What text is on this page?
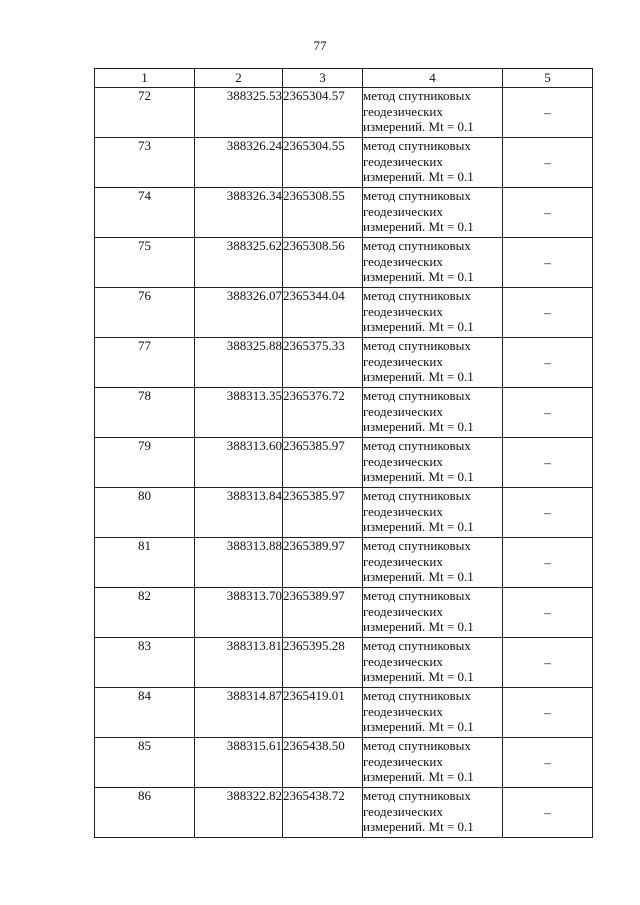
77
1	2	3	4	5
72	388325.53	2365304.57	метод спутниковых
геодезических
измерений. Mt = 0.1	–
73	388326.24	2365304.55	метод спутниковых
геодезических
измерений. Mt = 0.1	–
74	388326.34	2365308.55	метод спутниковых
геодезических
измерений. Mt = 0.1	–
75	388325.62	2365308.56	метод спутниковых
геодезических
измерений. Mt = 0.1	–
76	388326.07	2365344.04	метод спутниковых
геодезических
измерений. Mt = 0.1	–
77	388325.88	2365375.33	метод спутниковых
геодезических
измерений. Mt = 0.1	–
78	388313.35	2365376.72	метод спутниковых
геодезических
измерений. Mt = 0.1	–
79	388313.60	2365385.97	метод спутниковых
геодезических
измерений. Mt = 0.1	–
80	388313.84	2365385.97	метод спутниковых
геодезических
измерений. Mt = 0.1	–
81	388313.88	2365389.97	метод спутниковых
геодезических
измерений. Mt = 0.1	–
82	388313.70	2365389.97	метод спутниковых
геодезических
измерений. Mt = 0.1	–
83	388313.81	2365395.28	метод спутниковых
геодезических
измерений. Mt = 0.1	–
84	388314.87	2365419.01	метод спутниковых
геодезических
измерений. Mt = 0.1	–
85	388315.61	2365438.50	метод спутниковых
геодезических
измерений. Mt = 0.1	–
86	388322.82	2365438.72	метод спутниковых
геодезических
измерений. Mt = 0.1	–
